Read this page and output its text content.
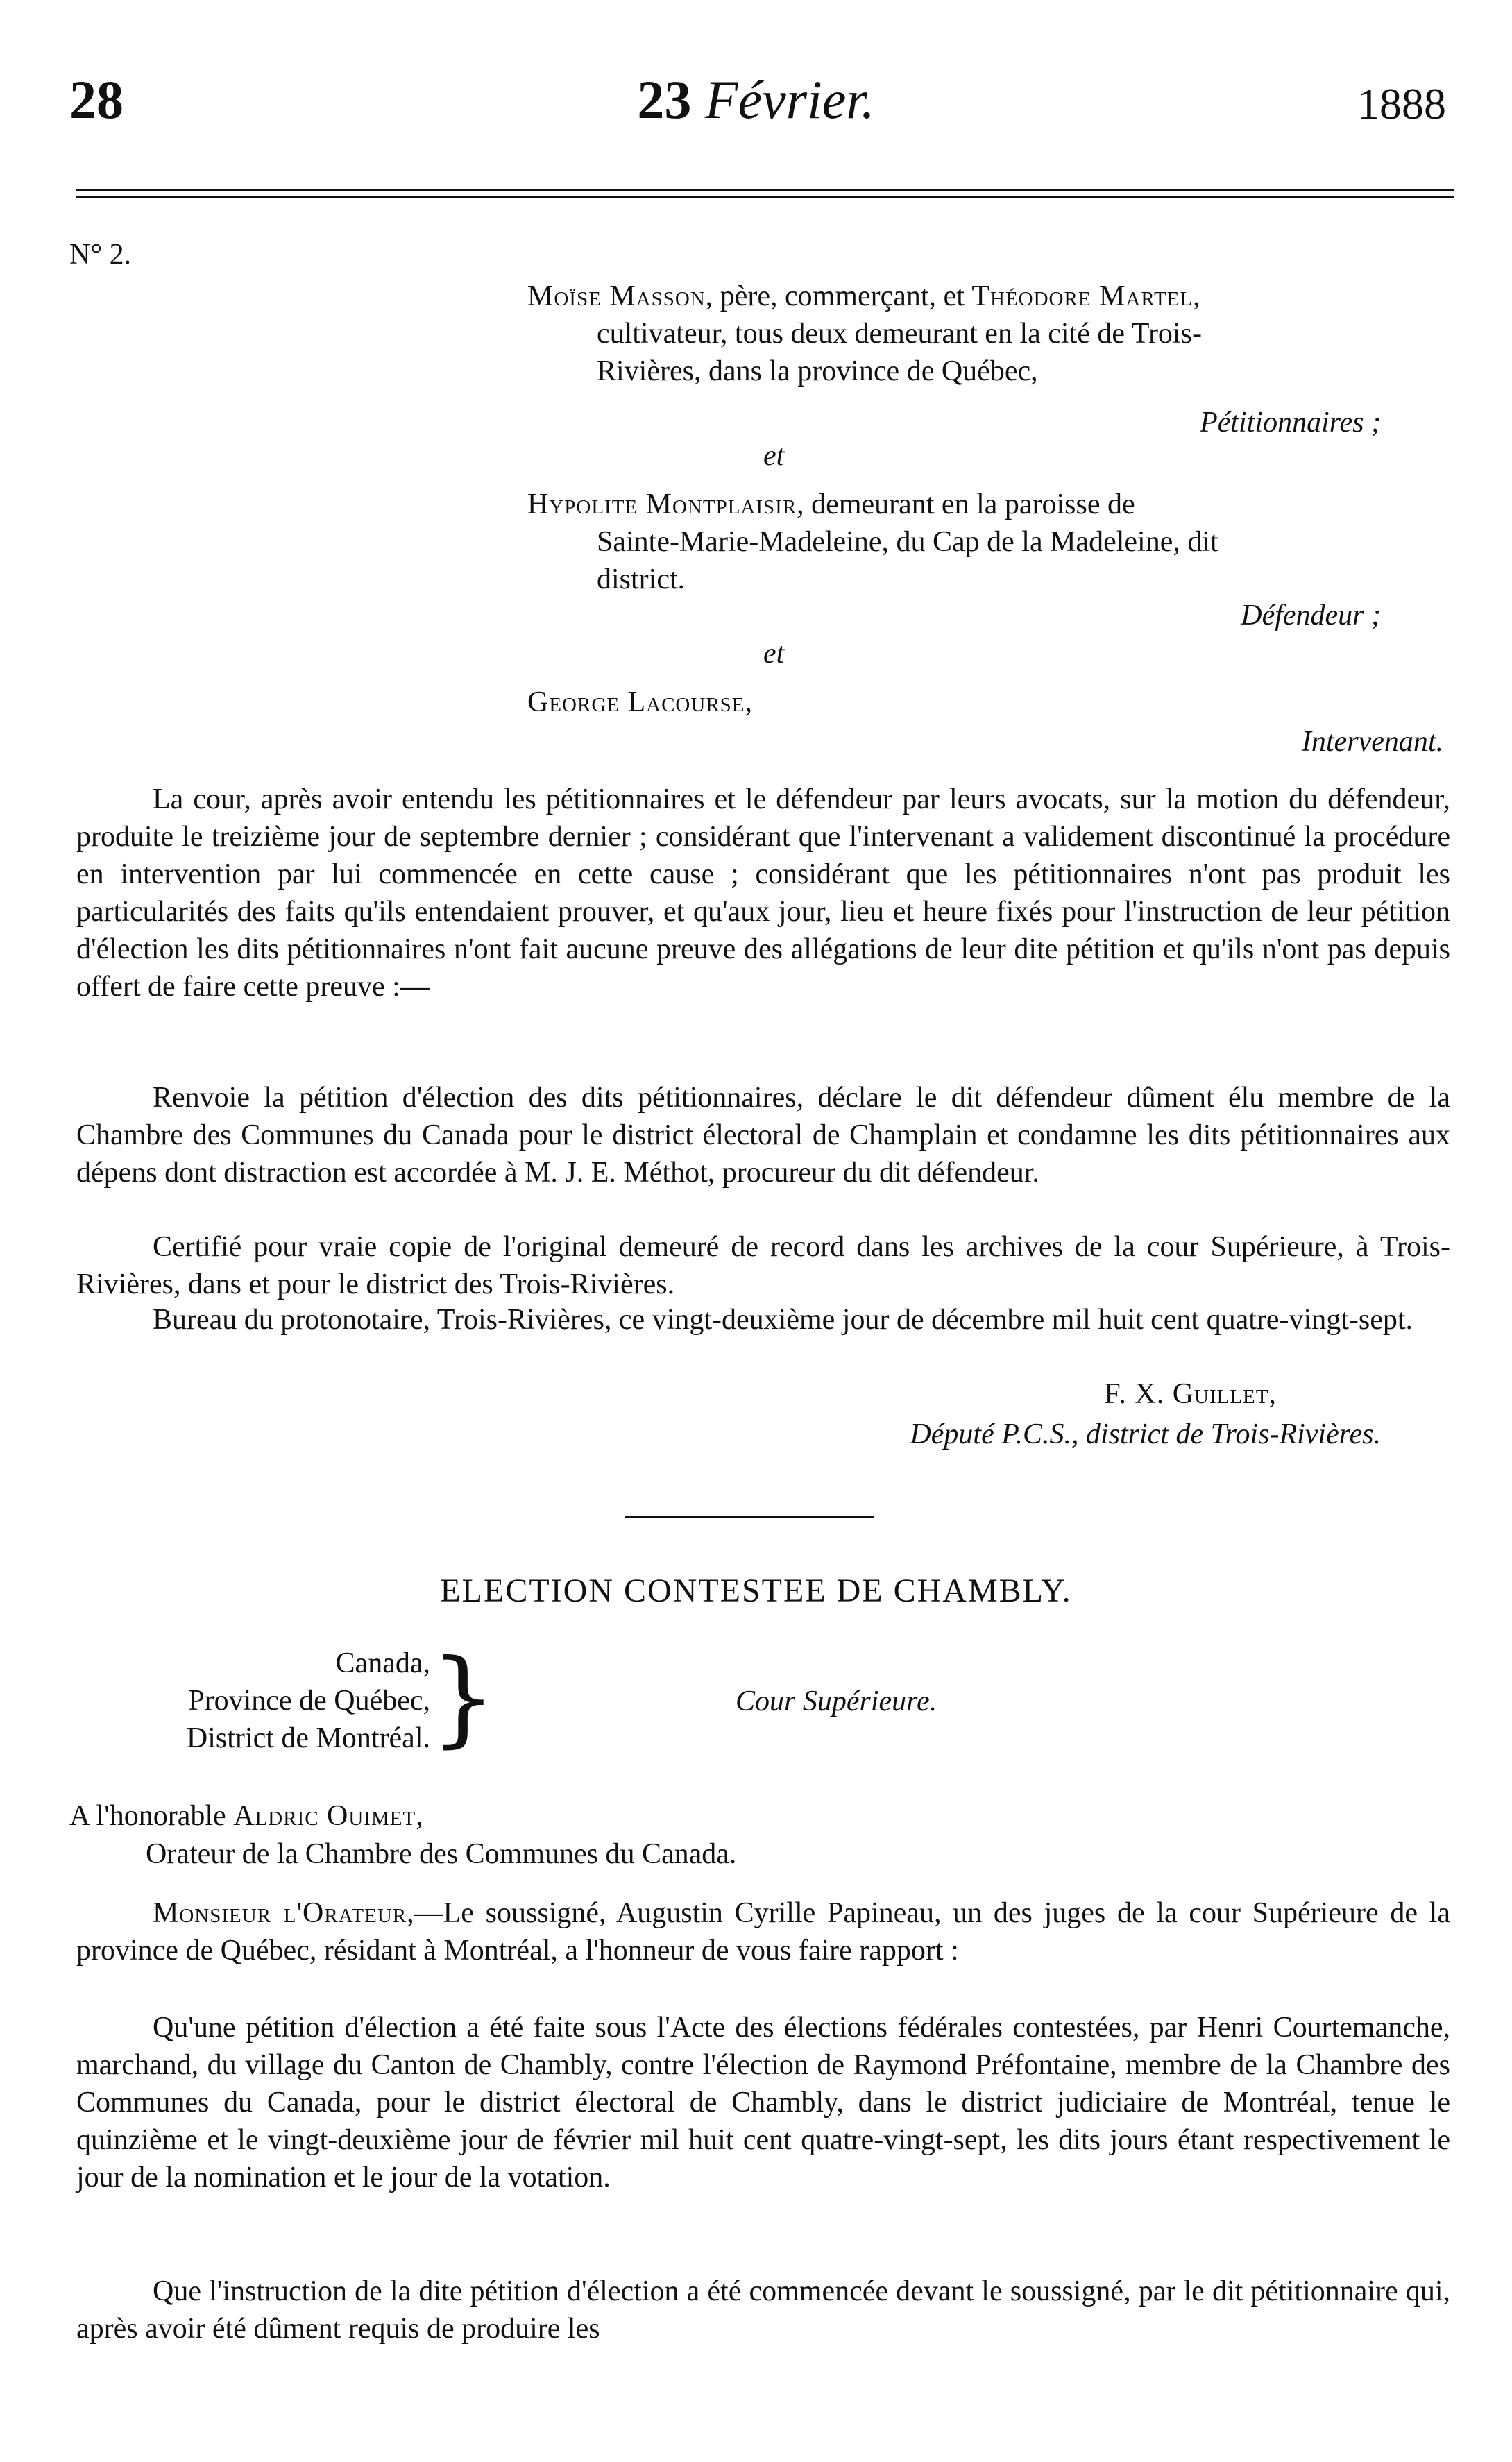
28	23 Février.	1888
N° 2.
Moïse Masson, père, commerçant, et Théodore Martel,
cultivateur, tous deux demeurant en la cité de Trois-
Rivières, dans la province de Québec,
Pétitionnaires ;
et
Hypolite Montplaisir, demeurant en la paroisse de
Sainte-Marie-Madeleine, du Cap de la Madeleine, dit
district.
Défendeur ;
et
George Lacourse,
Intervenant.

La cour, après avoir entendu les pétitionnaires et le défendeur par leurs avocats, sur la motion du défendeur, produite le treizième jour de septembre dernier ; considérant que l'intervenant a validement discontinué la procédure en intervention par lui commencée en cette cause ; considérant que les pétitionnaires n'ont pas produit les particularités des faits qu'ils entendaient prouver, et qu'aux jour, lieu et heure fixés pour l'instruction de leur pétition d'élection les dits pétitionnaires n'ont fait aucune preuve des allégations de leur dite pétition et qu'ils n'ont pas depuis offert de faire cette preuve :—

Renvoie la pétition d'élection des dits pétitionnaires, déclare le dit défendeur dûment élu membre de la Chambre des Communes du Canada pour le district électoral de Champlain et condamne les dits pétitionnaires aux dépens dont distraction est accordée à M. J. E. Méthot, procureur du dit défendeur.

Certifié pour vraie copie de l'original demeuré de record dans les archives de la cour Supérieure, à Trois-Rivières, dans et pour le district des Trois-Rivières.

Bureau du protonotaire, Trois-Rivières, ce vingt-deuxième jour de décembre mil huit cent quatre-vingt-sept.

F. X. Guillet,
Député P.C.S., district de Trois-Rivières.
ELECTION CONTESTEE DE CHAMBLY.
Canada,
Province de Québec,
District de Montréal. }	Cour Supérieure.
A l'honorable Aldric Ouimet,
Orateur de la Chambre des Communes du Canada.

Monsieur l'Orateur,—Le soussigné, Augustin Cyrille Papineau, un des juges de la cour Supérieure de la province de Québec, résidant à Montréal, a l'honneur de vous faire rapport :

Qu'une pétition d'élection a été faite sous l'Acte des élections fédérales contestées, par Henri Courtemanche, marchand, du village du Canton de Chambly, contre l'élection de Raymond Préfontaine, membre de la Chambre des Communes du Canada, pour le district électoral de Chambly, dans le district judiciaire de Montréal, tenue le quinzième et le vingt-deuxième jour de février mil huit cent quatre-vingt-sept, les dits jours étant respectivement le jour de la nomination et le jour de la votation.

Que l'instruction de la dite pétition d'élection a été commencée devant le soussigné, par le dit pétitionnaire qui, après avoir été dûment requis de produire les
